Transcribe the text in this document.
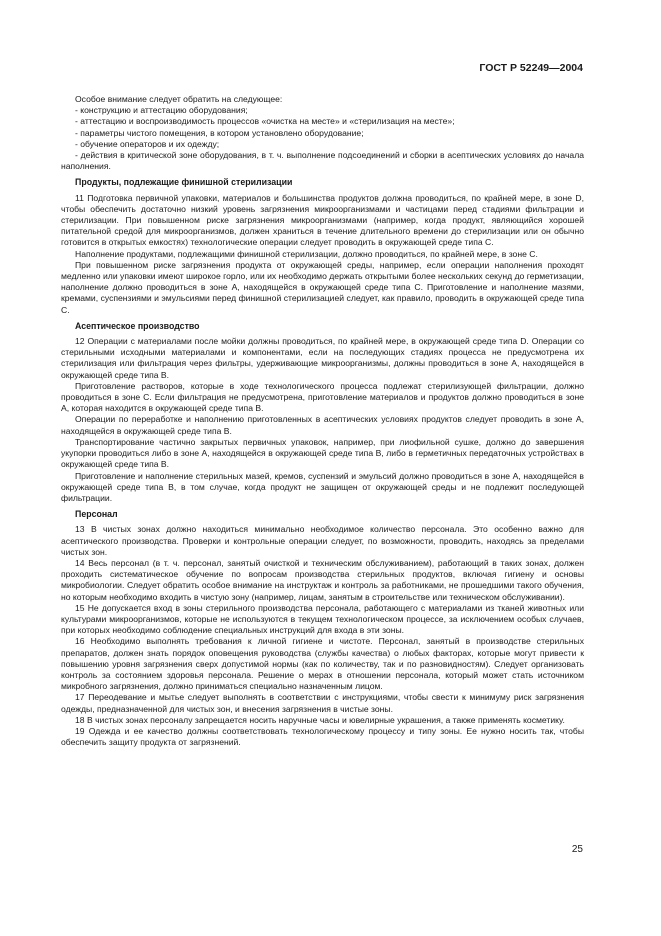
ГОСТ Р 52249—2004

Особое внимание следует обратить на следующее:

- конструкцию и аттестацию оборудования;

- аттестацию и воспроизводимость процессов «очистка на месте» и «стерилизация на месте»;

- параметры чистого помещения, в котором установлено оборудование;

- обучение операторов и их одежду;

- действия в критической зоне оборудования, в т. ч. выполнение подсоединений и сборки в асептических условиях до начала наполнения.

Продукты, подлежащие финишной стерилизации

11 Подготовка первичной упаковки, материалов и большинства продуктов должна проводиться, по крайней мере, в зоне D, чтобы обеспечить достаточно низкий уровень загрязнения микроорганизмами и частицами перед стадиями фильтрации и стерилизации. При повышенном риске загрязнения микроорганизмами (например, когда продукт, являющийся хорошей питательной средой для микроорганизмов, должен храниться в течение длительного времени до стерилизации или он обычно готовится в открытых емкостях) технологические операции следует проводить в окружающей среде типа С.

Наполнение продуктами, подлежащими финишной стерилизации, должно проводиться, по крайней мере, в зоне С.

При повышенном риске загрязнения продукта от окружающей среды, например, если операции наполнения проходят медленно или упаковки имеют широкое горло, или их необходимо держать открытыми более нескольких секунд до герметизации, наполнение должно проводиться в зоне А, находящейся в окружающей среде типа С. Приготовление и наполнение мазями, кремами, суспензиями и эмульсиями перед финишной стерилизацией следует, как правило, проводить в окружающей среде типа С.

Асептическое производство

12 Операции с материалами после мойки должны проводиться, по крайней мере, в окружающей среде типа D. Операции со стерильными исходными материалами и компонентами, если на последующих стадиях процесса не предусмотрена их стерилизация или фильтрация через фильтры, удерживающие микроорганизмы, должны проводиться в зоне А, находящейся в окружающей среде типа В.

Приготовление растворов, которые в ходе технологического процесса подлежат стерилизующей фильтрации, должно проводиться в зоне С. Если фильтрация не предусмотрена, приготовление материалов и продуктов должно проводиться в зоне А, которая находится в окружающей среде типа В.

Операции по переработке и наполнению приготовленных в асептических условиях продуктов следует проводить в зоне А, находящейся в окружающей среде типа В.

Транспортирование частично закрытых первичных упаковок, например, при лиофильной сушке, должно до завершения укупорки проводиться либо в зоне А, находящейся в окружающей среде типа В, либо в герметичных передаточных устройствах в окружающей среде типа В.

Приготовление и наполнение стерильных мазей, кремов, суспензий и эмульсий должно проводиться в зоне А, находящейся в окружающей среде типа В, в том случае, когда продукт не защищен от окружающей среды и не подлежит последующей фильтрации.

Персонал

13 В чистых зонах должно находиться минимально необходимое количество персонала. Это особенно важно для асептического производства. Проверки и контрольные операции следует, по возможности, проводить, находясь за пределами чистых зон.

14 Весь персонал (в т. ч. персонал, занятый очисткой и техническим обслуживанием), работающий в таких зонах, должен проходить систематическое обучение по вопросам производства стерильных продуктов, включая гигиену и основы микробиологии. Следует обратить особое внимание на инструктаж и контроль за работниками, не прошедшими такого обучения, но которым необходимо входить в чистую зону (например, лицам, занятым в строительстве или техническом обслуживании).

15 Не допускается вход в зоны стерильного производства персонала, работающего с материалами из тканей животных или культурами микроорганизмов, которые не используются в текущем технологическом процессе, за исключением особых случаев, при которых необходимо соблюдение специальных инструкций для входа в эти зоны.

16 Необходимо выполнять требования к личной гигиене и чистоте. Персонал, занятый в производстве стерильных препаратов, должен знать порядок оповещения руководства (службы качества) о любых факторах, которые могут привести к повышению уровня загрязнения сверх допустимой нормы (как по количеству, так и по разновидностям). Следует организовать контроль за состоянием здоровья персонала. Решение о мерах в отношении персонала, который может стать источником микробного загрязнения, должно приниматься специально назначенным лицом.

17 Переодевание и мытье следует выполнять в соответствии с инструкциями, чтобы свести к минимуму риск загрязнения одежды, предназначенной для чистых зон, и внесения загрязнения в чистые зоны.

18 В чистых зонах персоналу запрещается носить наручные часы и ювелирные украшения, а также применять косметику.

19 Одежда и ее качество должны соответствовать технологическому процессу и типу зоны. Ее нужно носить так, чтобы обеспечить защиту продукта от загрязнений.

25
